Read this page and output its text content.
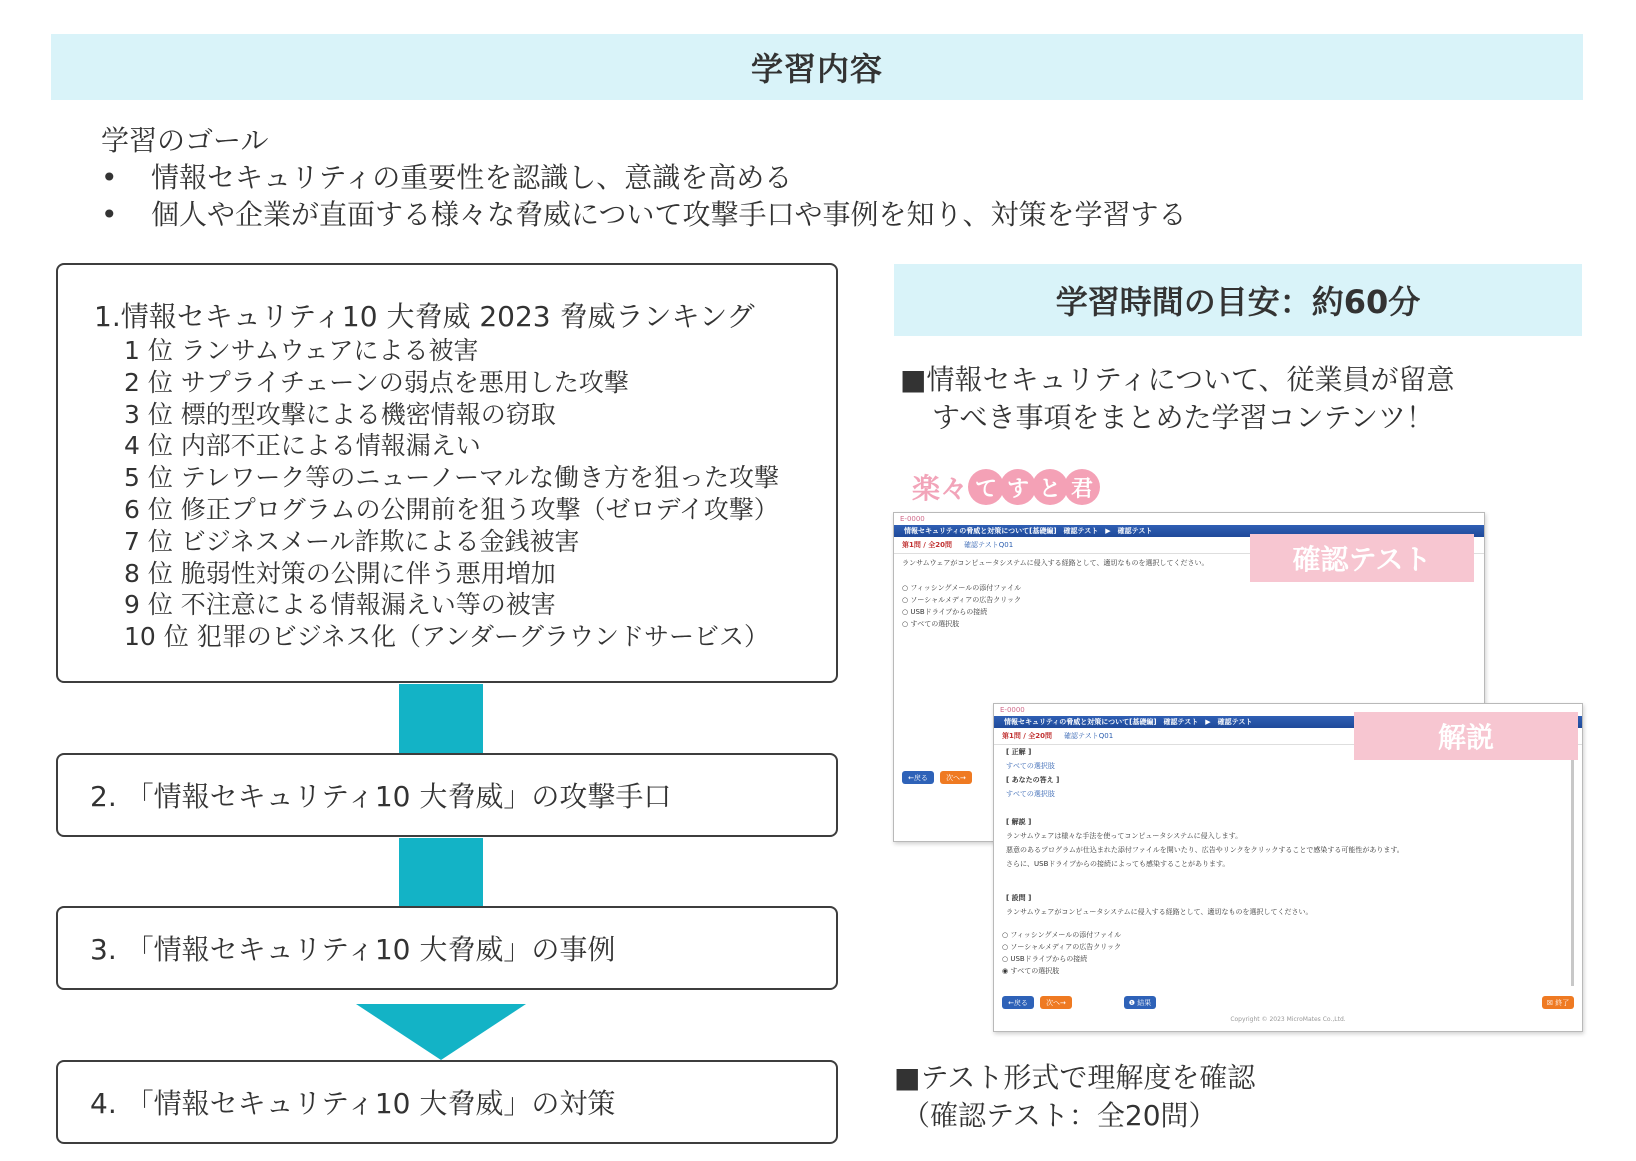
学習内容
学習のゴール
•	情報セキュリティの重要性を認識し、意識を高める
•	個人や企業が直面する様々な脅威について攻撃手口や事例を知り、対策を学習する
1.情報セキュリティ10 大脅威 2023 脅威ランキング
1 位 ランサムウェアによる被害
2 位 サプライチェーンの弱点を悪用した攻撃
3 位 標的型攻撃による機密情報の窃取
4 位 内部不正による情報漏えい
5 位 テレワーク等のニューノーマルな働き方を狙った攻撃
6 位 修正プログラムの公開前を狙う攻撃（ゼロデイ攻撃）
7 位 ビジネスメール詐欺による金銭被害
8 位 脆弱性対策の公開に伴う悪用増加
9 位 不注意による情報漏えい等の被害
10 位 犯罪のビジネス化（アンダーグラウンドサービス）
2. 「情報セキュリティ10 大脅威」の攻撃手口
3. 「情報セキュリティ10 大脅威」の事例
4. 「情報セキュリティ10 大脅威」の対策
学習時間の目安：約60分
■情報セキュリティについて、従業員が留意
すべき事項をまとめた学習コンテンツ！
楽々 て す と 君
E-0000
情報セキュリティの脅威と対策について[基礎編]　確認テスト　▶　確認テスト
第1問 / 全20問 確認テストQ01
ランサムウェアがコンピュータシステムに侵入する経路として、適切なものを選択してください。
○ フィッシングメールの添付ファイル
○ ソーシャルメディアの広告クリック
○ USBドライブからの接続
○ すべての選択肢
←戻る	次へ→
確認テスト
E-0000
情報セキュリティの脅威と対策について[基礎編]　確認テスト　▶　確認テスト
第1問 / 全20問 確認テストQ01
[ 正解 ]
すべての選択肢
[ あなたの答え ]
すべての選択肢
[ 解説 ]
ランサムウェアは様々な手法を使ってコンピュータシステムに侵入します。
悪意のあるプログラムが仕込まれた添付ファイルを開いたり、広告やリンクをクリックすることで感染する可能性があります。
さらに、USBドライブからの接続によっても感染することがあります。
[ 設問 ]
ランサムウェアがコンピュータシステムに侵入する経路として、適切なものを選択してください。
○ フィッシングメールの添付ファイル
○ ソーシャルメディアの広告クリック
○ USBドライブからの接続
◉ すべての選択肢
←戻る	次へ→	❶ 結果	☒ 終了
Copyright © 2023 MicroMates Co.,Ltd.
解説
■テスト形式で理解度を確認
（確認テスト：全20問）
